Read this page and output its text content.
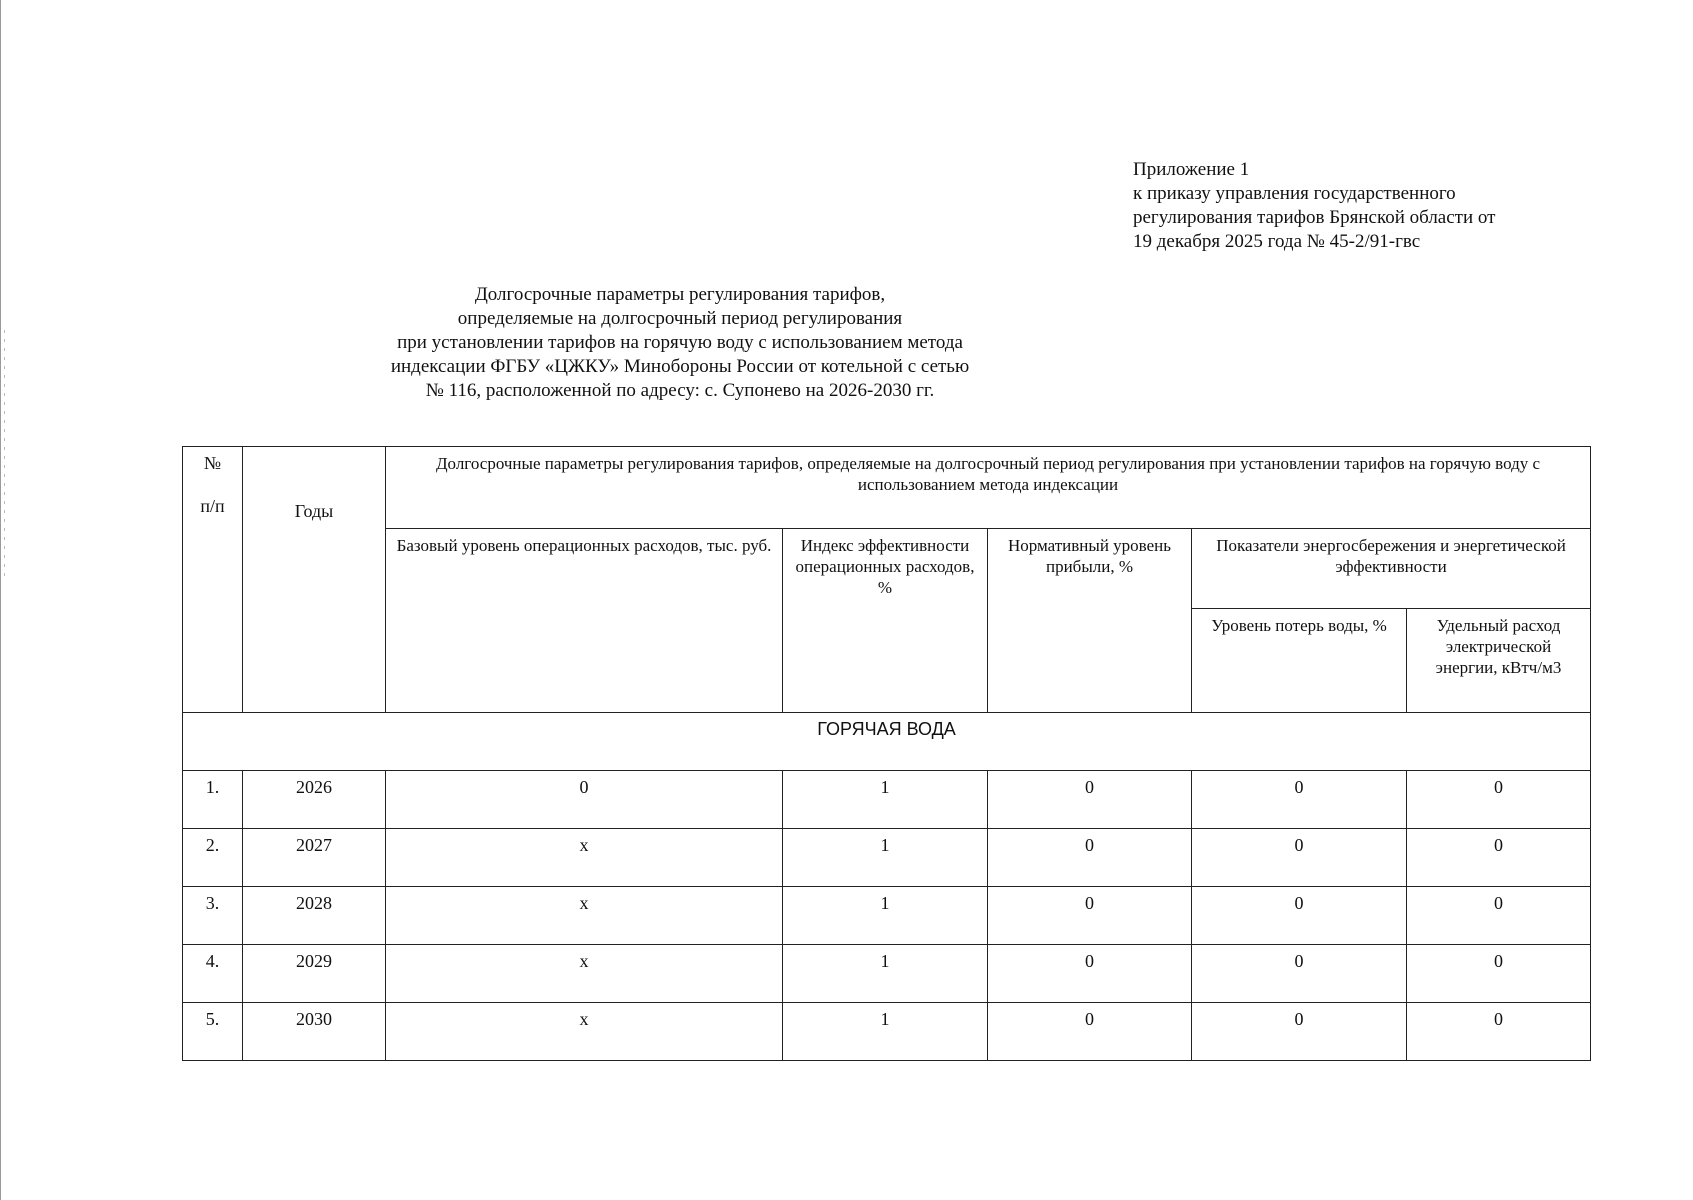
Приложение 1
к приказу управления государственного
регулирования тарифов Брянской области от
19 декабря 2025 года № 45-2/91-гвс
Долгосрочные параметры регулирования тарифов,
определяемые на долгосрочный период регулирования
при установлении тарифов на горячую воду с использованием метода
индексации ФГБУ «ЦЖКУ» Минобороны России от котельной с сетью
№ 116, расположенной по адресу: с. Супонево на 2026-2030 гг.
№
п/п	Годы	Долгосрочные параметры регулирования тарифов, определяемые на долгосрочный период регулирования при установлении тарифов на горячую воду с использованием метода индексации				
		Базовый уровень операционных расходов, тыс. руб.	Индекс эффективности операционных расходов, %	Нормативный уровень прибыли, %	Показатели энергосбережения и энергетической эффективности	
					Уровень потерь воды, %	Удельный расход электрической энергии, кВтч/м3
ГОРЯЧАЯ ВОДА						
1.	2026	0	1	0	0	0
2.	2027	х	1	0	0	0
3.	2028	х	1	0	0	0
4.	2029	х	1	0	0	0
5.	2030	х	1	0	0	0
